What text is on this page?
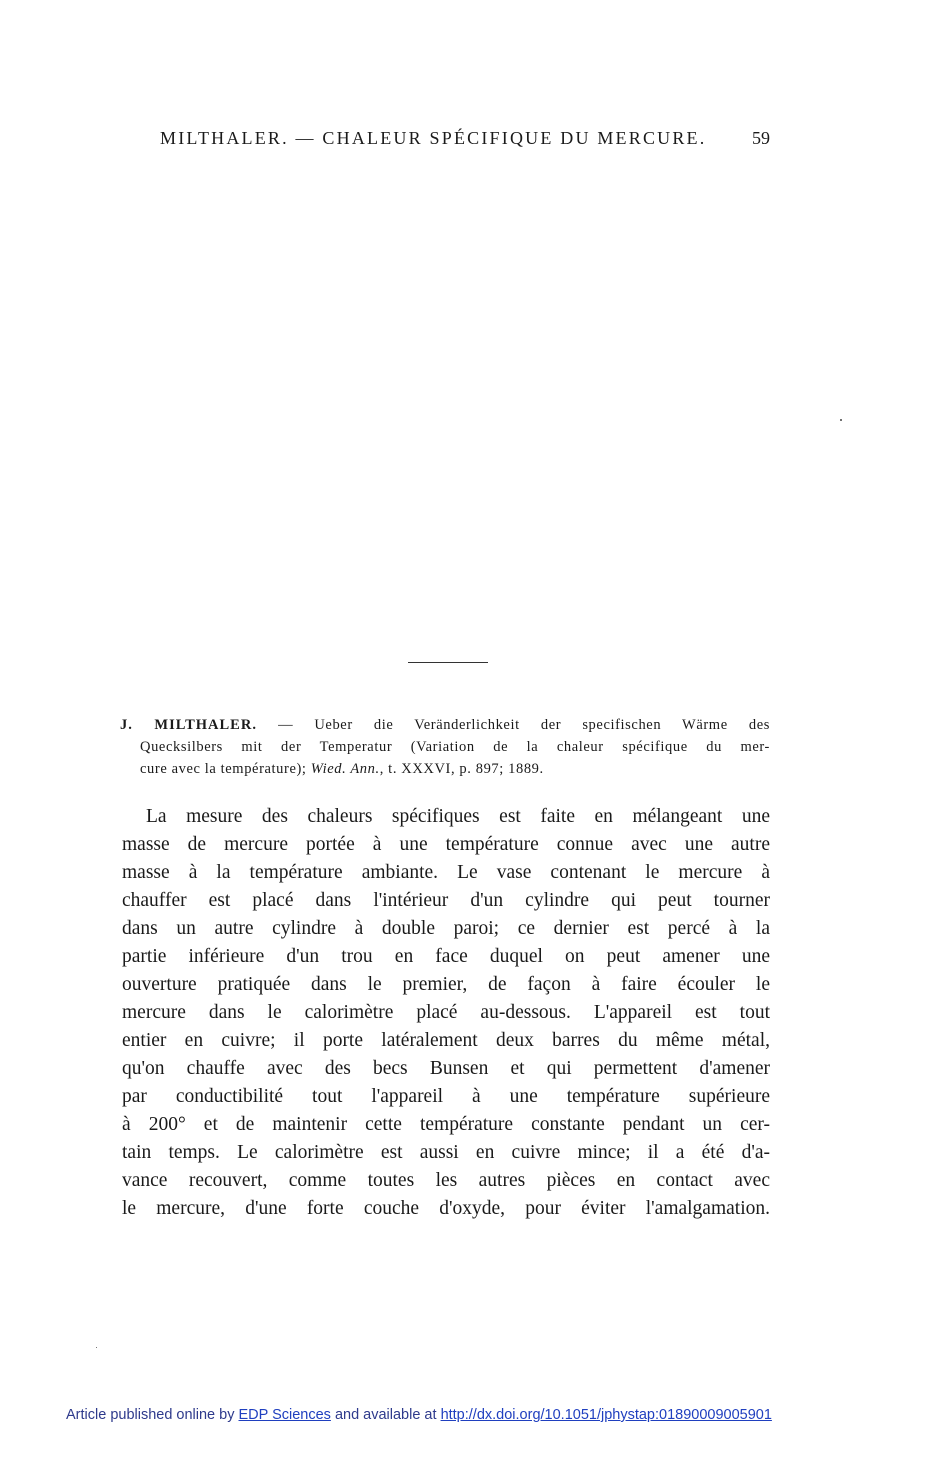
MILTHALER. — CHALEUR SPÉCIFIQUE DU MERCURE.	59
J. MILTHALER. — Ueber die Veränderlichkeit der specifischen Wärme des
Quecksilbers mit der Temperatur (Variation de la chaleur spécifique du mer-
cure avec la température); Wied. Ann., t. XXXVI, p. 897; 1889.
La mesure des chaleurs spécifiques est faite en mélangeant une
masse de mercure portée à une température connue avec une autre
masse à la température ambiante. Le vase contenant le mercure à
chauffer est placé dans l'intérieur d'un cylindre qui peut tourner
dans un autre cylindre à double paroi; ce dernier est percé à la
partie inférieure d'un trou en face duquel on peut amener une
ouverture pratiquée dans le premier, de façon à faire écouler le
mercure dans le calorimètre placé au-dessous. L'appareil est tout
entier en cuivre; il porte latéralement deux barres du même métal,
qu'on chauffe avec des becs Bunsen et qui permettent d'amener
par conductibilité tout l'appareil à une température supérieure
à 200° et de maintenir cette température constante pendant un cer-
tain temps. Le calorimètre est aussi en cuivre mince; il a été d'a-
vance recouvert, comme toutes les autres pièces en contact avec
le mercure, d'une forte couche d'oxyde, pour éviter l'amalgamation.
Article published online by EDP Sciences and available at http://dx.doi.org/10.1051/jphystap:01890009005901
